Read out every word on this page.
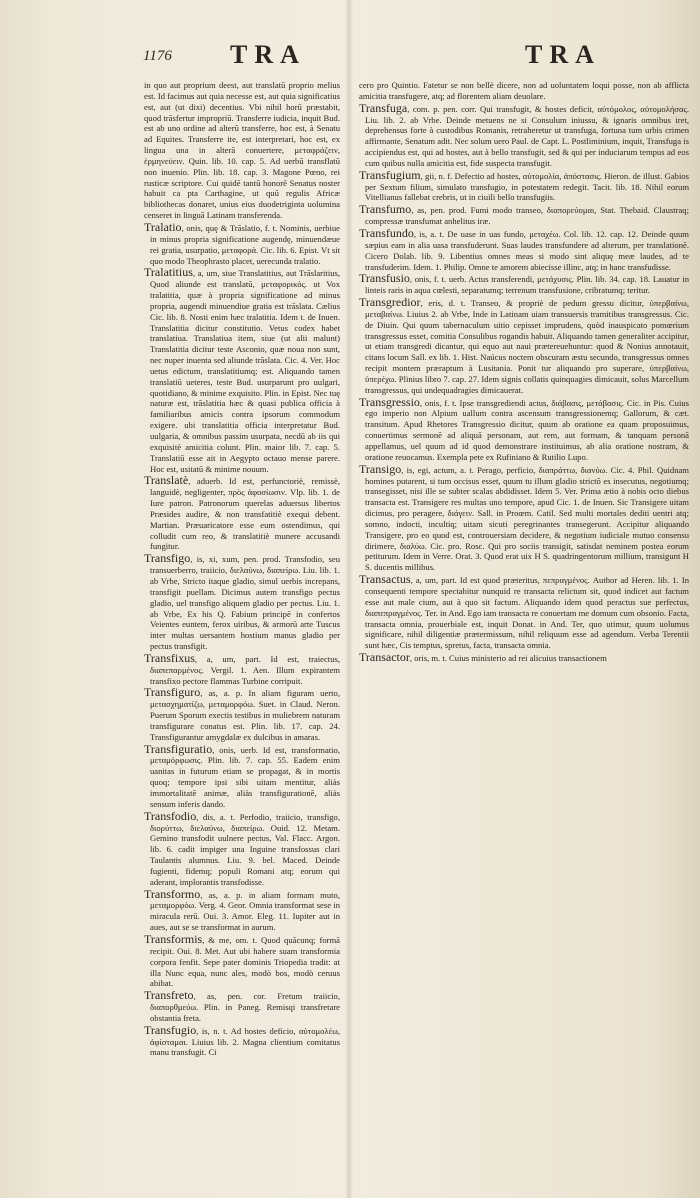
1176 TRA	TRA

in quo aut proprium deest, aut translatū proprio melius est. Id facimus aut quia necesse est, aut quia significatius est, aut (ut dixi) decentius. Vbi nihil horū præstabit, quod trāsfertur impropriū. Transferre iudicia, inquit Bud. est ab uno ordine ad alterū transferre, hoc est, à Senatu ad Equites. Transferre ite, est interpretari, hoc est, ex lingua una in alterā conuertere, μεταφράζειν, ἑρμηνεύειν. Quin. lib. 10. cap. 5. Ad uerbū transflatū non inuenio. Plin. lib. 18. cap. 3. Magone Pœno, rei rusticæ scriptore. Cui quidē tantū honorē Senatus noster habuit ca pta Carthagine, ut quū regulis Africæ bibliothecas donaret, unius eius duodetriginta uolumina censeret in linguā Latinam transferenda.

Tralatio, onis, quę & Trāslatio, f. t. Nominis, uerbiue in minus propria significatione augendę, minuendæue rei gratia, usurpatio, μεταφορά. Cic. lib. 6. Epist. Vt sit quo modo Theophrasto placet, uerecunda tralatio.

Tralatitius, a, um, siue Translatitius, aut Trāslaritius, Quod aliunde est translatū, μεταφορικός. ut Vox tralatitia, quæ à propria significatione ad minus propria, augendi minuendiue gratia est trāslata. Cælius Cic. lib. 8. Nosti enim hæc tralatitia. Idem t. de Inuen. Translatitia dicitur constitutio. Vetus codex habet translatiua. Translatiua item, siue (ut alii malunt) Translatitia dicitur teste Asconio, quæ noua non sunt, nec nuper inuenta sed aliunde trāslata. Cic. 4. Ver. Hoc uetus edictum, translatitiumq; est. Aliquando tamen translatiū ueteres, teste Bud. usurparunt pro uulgari, quotidiano, & minime exquisito. Plin. in Epist. Nec tuę naturæ est, trāslatitia hæc & quasi publica officia à familiaribus amicis contra ipsorum commodum exigere. ubi translatitia officia interpretatur Bud. uulgaria, & omnibus passim usurpata, necdū ab iis qui exquisitè amicitia colunt. Plin. maior lib. 7. cap. 5. Translatiū esse ait in Aegypto octauo mense parere. Hoc est, usitatū & minime nouum.

Translatè, aduerb. Id est, perfunctoriè, remissè, languidè, negligenter, πρὸς ἀφοσίωσιν. Vlp. lib. 1. de Iure patron. Patronorum querelas aduersus libertos Præsides audire, & non transfatitiè exequi debent. Martian. Præuaricatore esse eum ostendimus, qui colludit cum reo, & translatitiè munere accusandi fungitur.

Transfigo, is, xi, xum, pen. prod. Transfodio, seu transuerberro, traiicio, διελαύνω, διαπείρω. Liu. lib. 1. ab Vrbe, Stricto itaque gladio, simul uerbis increpans, transfigit puellam. Dicimus autem transfigo pectus gladio, uel transfigo aliquem gladio per pectus. Liu. 1. ab Vrbe, Ex his Q. Fabium principē in confertos Veientes euntem, ferox uiribus, & armorū arte Tuscus inter multas uersantem hostium manus gladio per pectus transfigit.

Transfixus, a, um, part. Id est, traiectus, διαπεπαρμένος. Vergil. 1. Aen. Illum expirantem transfixo pectore flammas Turbine corripuit.

Transfiguro, as, a. p. In aliam figuram uerto, μετασχηματίζω, μεταμορφόω. Suet. in Claud. Neron. Puerum Sporum exectis testibus in muliebrem naturam transfigurare conatus est. Plin. lib. 17. cap. 24. Transfigurantur amygdalæ ex dulcibus in amaras.

Transfiguratio, onis, uerb. Id est, transformatio, μεταμόρφωσις. Plin. lib. 7. cap. 55. Eadem enim uanitas in futurum etiam se propagat, & in mortis quoq; tempore ipsi sibi uitam mentitur, aliàs immortalitatē animæ, aliàs transfigurationē, aliàs sensum inferis dando.

Transfodio, dis, a. t. Perfodio, traiicio, transfigo, διορύττω, διελαύνω, διαπείρω. Ouid. 12. Metam. Gemino transfodit uulnere pectus, Val. Flacc. Argon. lib. 6. cadit impiger una Inguine transfossus clari Taulantis alumnus. Liu. 9. bel. Maced. Deinde fugienti, fidemq; populi Romani atq; eorum qui aderant, implorantis transfodisse.

Transformo, as, a. p. in aliam formam muto, μεταμορφόω. Verg. 4. Geor. Omnia transformat sese in miracula rerū. Oui. 3. Amor. Eleg. 11. Iupiter aut in aues, aut se se transformat in aurum.

Transformis, & me, om. t. Quod quācunq; formā recipit. Oui. 8. Met. Aut ubi habere suam transformia corpora fenfit. Sepe pater dominis Triopedia tradit: at illa Nunc equa, nunc ales, modò bos, modò ceruus abibat.

Transfreto, as, pen. cor. Fretum traiicio, διαπορθμεύω. Plin. in Paneg. Remisqi transfretare obstantia freta.

Transfugio, is, n. t. Ad hostes deficio, αὐτομολέω, ἀφίσταμαι. Liuius lib. 2. Magna clientium comitatus manu transfugit. Ci

cero pro Quintio. Fatetur se non bellè dicere, non ad uoluntatem loqui posse, non ab afflicta amicitia transfugere, atq; ad florentem aliam deuolare.

Transfuga, com. p. pen. corr. Qui transfugit, & hostes deficit, αὐτόμολος, αὐτομολήσας. Liu. lib. 2. ab Vrbe. Deinde metuens ne si Consulum iniussu, & ignaris omnibus iret, deprehensus forte à custodibus Romanis, retraheretur ut transfuga, fortuna tum urbis crimen affirmante, Senatum adit. Nec solum uero Paul. de Capt. L. Postliminium, inquit, Transfuga is accipiendus est, qui ad hostes, aut à bello transfugit, sed & qui per induciarum tempus ad eos cum quibus nulla amicitia est, fide suspecta transfugit.

Transfugium, gii, n. f. Defectio ad hostes, αὐτομολία, ἀπόστασις. Hieron. de illust. Gabios per Sextum filium, simulato transfugio, in potestatem redegit. Tacit. lib. 18. Nihil eorum Vitellianus fallebat crebris, ut in ciuili bello transfugiis.

Transfumo, as, pen. prod. Fumi modo transeo, διαπορεύομαι, Stat. Thebaid. Claustraq; compressæ transfumat anhelitus iræ.

Transfundo, is, a. t. De uase in uas fundo, μεταχέω. Col. lib. 12. cap. 12. Deinde quum sæpius eam in alia uasa transfuderunt. Suas laudes transfundere ad alterum, per translationē. Cicero Dolab. lib. 9. Libentius omnes meas si modo sint aliquę meæ laudes, ad te transfuderim. Idem. 1. Philip. Omne te amorem abiecisse illinc, atq; in hanc transfudisse.

Transfusio, onis, f. t. uerb. Actus transferendi, μετάχυσις. Plin. lib. 34. cap. 18. Lauatur in linteis raris in aqua cœlesti, separatumq; terrenum transfusione, cribratumq; teritur.

Transgredior, eris, d. t. Transeo, & propriè de pedum gressu dicitur, ὑπερβαίνω, μεταβαίνω. Liuius 2. ab Vrbe, Inde in Latinam uiam transuersis tramitibus transgressus. Cic. de Diuin. Qui quum tabernaculum uitio cepisset imprudens, quòd inauspicato pomœrium transgressus esset, comitia Consulibus rogandis habuit. Aliquando tamen generaliter accipitur, ut etiam transgredi dicantur, qui equo aut naui prætereuehuntur: quod & Nonius annotauit, citans locum Sall. ex lib. 1. Hist. Naúcus noctem obscuram æstu secundo, transgressus omnes recipit montem præraptum à Lusitania. Ponit tur aliquando pro superare, ὑπερβαίνω, ὑπερέχω. Plinius libro 7. cap. 27. Idem signis collatis quinquagies dimicauit, solus Marcellum transgressus, qui undequadragies dimicauerat.

Transgressio, onis, f. t. Ipse transgrediendi actus, διάβασις, μετάβασις. Cic. in Pis. Cuius ego imperio non Alpium uallum contra ascensum transgressionemq; Gallorum, & cæt. transitum. Apud Rhetores Transgressio dicitur, quum ab oratione ea quam proposuimus, conuertimus sermonē ad aliquā personam, aut rem, aut formam, & tanquam personā appellamus, uel quum ad id quod demonstrare instituimus, ab alia oratione nostram, & oratione reuocamus. Exempla pete ex Rufiniano & Rutilio Lupo.

Transigo, is, egi, actum, a. t. Perago, perficio, διαπράττω, διανύω. Cic. 4. Phil. Quidnam homines putarent, si tum occisus esset, quum tu illum gladio strictō es insecutus, negotiumq; transegisset, nisi ille se subter scalas abdidisset. Idem 5. Ver. Prima ætio à nobis octo diebus transacta est. Transigere res multas uno tempore, apud Cic. 1. de Inuen. Sic Transigere uitam dicimus, pro peragere, διάγειν. Sall. in Proœm. Catil. Sed multi mortales dediti uentri atq; somno, indocti, incultiq; uitam sicuti peregrinantes transegerunt. Accipitur aliquando Transigere, pro eo quod est, controuersiam decidere, & negotium iudiciale mutuo consensu dirimere, διαλύω. Cic. pro. Rosc. Qui pro sociis transigit, satisdat neminem postea eorum petiturum. Idem in Verre. Orat. 3. Quod erat uix H S. quadringentorum millium, transigunt H S. ducentis millibus.

Transactus, a, um, part. Id est quod præteritus, πεπραγμένος. Author ad Heren. lib. 1. In consequenti tempore spectabitur nunquid re transacta relictum sit, quod indicet aut factum esse aut male cium, aut à quo sit factum. Aliquando idem quod peractus sue perfectus, διαπεπραγμένος. Ter. in And. Ego iam transacta re conuertam me domum cum obsonio. Facta, transacta omnia, prouerbiale est, inquit Donat. in And. Ter, quo utimur, quum uolumus significare, nihil diligentiæ prætermissum, nihil reliquum esse ad agendum. Verba Terentii sunt hæc, Cis temptus, spretus, facta, transacta omnia.

Transactor, oris, m. t. Cuius ministerio ad rei alicuius transactionem
